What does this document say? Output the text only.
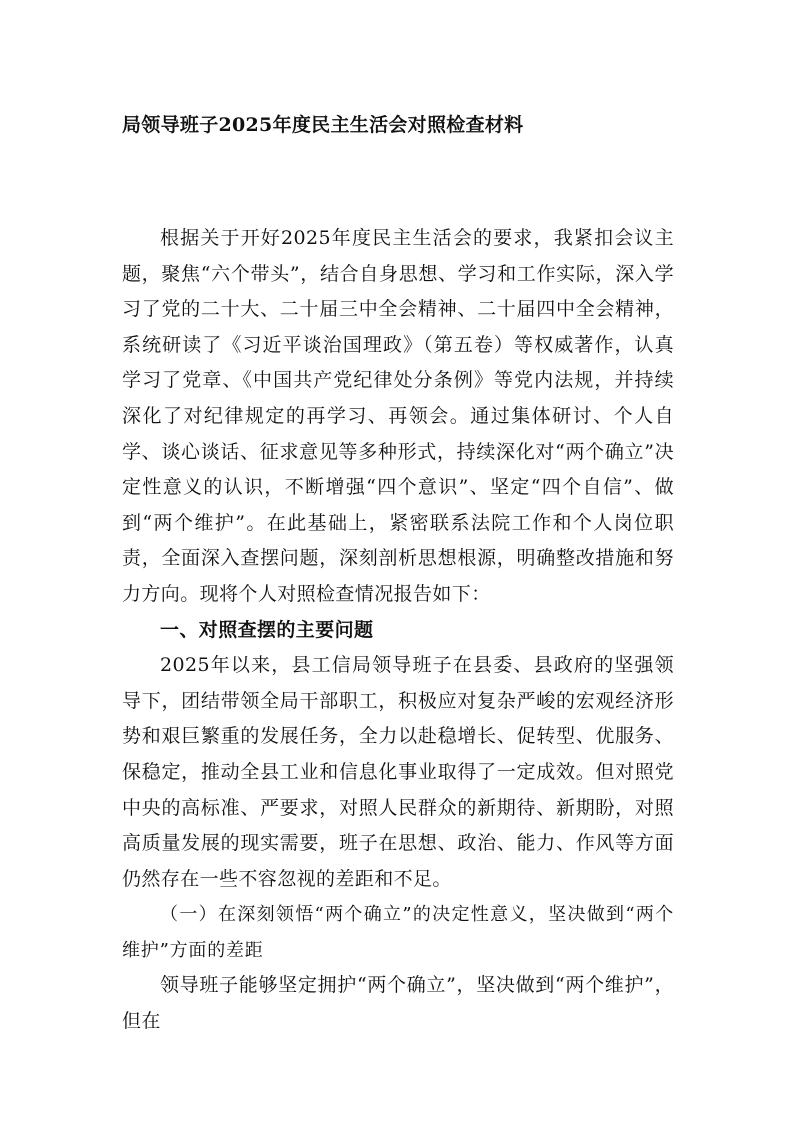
局领导班子2025年度民主生活会对照检查材料

根据关于开好2025年度民主生活会的要求，我紧扣会议主题，聚焦“六个带头”，结合自身思想、学习和工作实际，深入学习了党的二十大、二十届三中全会精神、二十届四中全会精神，系统研读了《习近平谈治国理政》（第五卷）等权威著作，认真学习了党章、《中国共产党纪律处分条例》等党内法规，并持续深化了对纪律规定的再学习、再领会。通过集体研讨、个人自学、谈心谈话、征求意见等多种形式，持续深化对“两个确立”决定性意义的认识，不断增强“四个意识”、坚定“四个自信”、做到“两个维护”。在此基础上，紧密联系法院工作和个人岗位职责，全面深入查摆问题，深刻剖析思想根源，明确整改措施和努力方向。现将个人对照检查情况报告如下：

一、对照查摆的主要问题

2025年以来，县工信局领导班子在县委、县政府的坚强领导下，团结带领全局干部职工，积极应对复杂严峻的宏观经济形势和艰巨繁重的发展任务，全力以赴稳增长、促转型、优服务、保稳定，推动全县工业和信息化事业取得了一定成效。但对照党中央的高标准、严要求，对照人民群众的新期待、新期盼，对照高质量发展的现实需要，班子在思想、政治、能力、作风等方面仍然存在一些不容忽视的差距和不足。

（一）在深刻领悟“两个确立”的决定性意义，坚决做到“两个维护”方面的差距

领导班子能够坚定拥护“两个确立”，坚决做到“两个维护”，但在
